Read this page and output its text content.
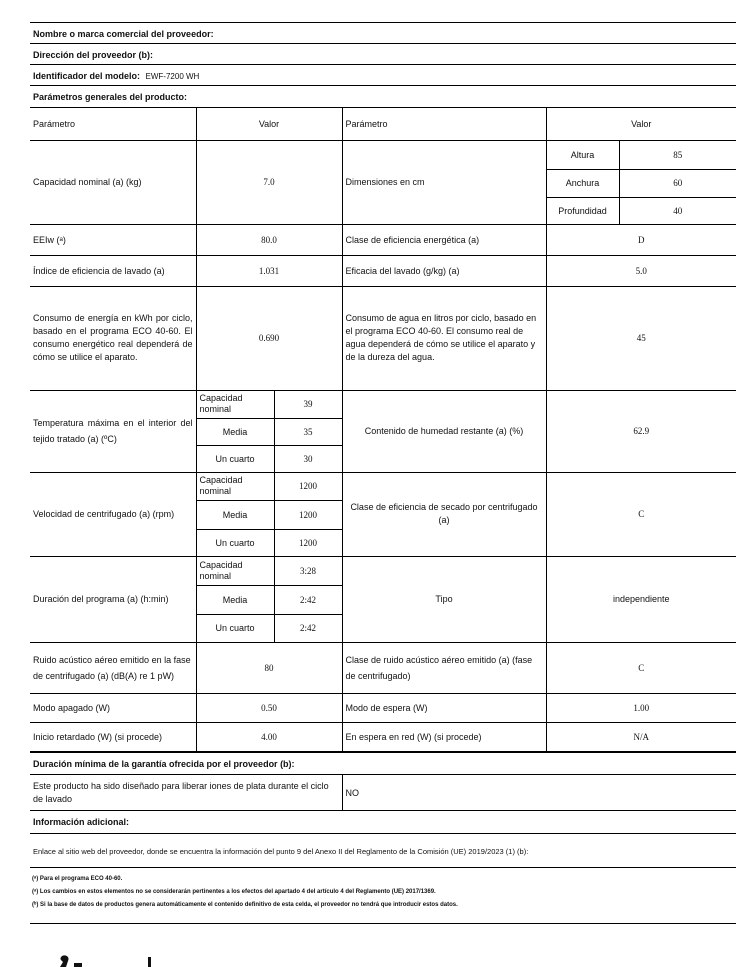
Nombre o marca comercial del proveedor:
Dirección del proveedor (b):
Identificador del modelo: EWF-7200 WH
Parámetros generales del producto:
Parámetro	Valor		Parámetro	Valor	
Capacidad nominal (a) (kg)	7.0		Dimensiones en cm	Altura	85
				Anchura	60
				Profundidad	40
EEIw (ᵃ)	80.0		Clase de eficiencia energética (a)	D	
Índice de eficiencia de lavado (a)	1.031		Eficacia del lavado (g/kg) (a)	5.0	
Consumo de energía en kWh por ciclo, basado en el programa ECO 40-60. El consumo energético real dependerá de cómo se utilice el aparato.	0.690		Consumo de agua en litros por ciclo, basado en el programa ECO 40-60. El consumo real de agua dependerá de cómo se utilice el aparato y de la dureza del agua.	45	
Temperatura máxima en el interior del tejido tratado (a) (ºC)	Capacidad nominal	39	Contenido de humedad restante (a) (%)	62.9	
	Media	35			
	Un cuarto	30			
Velocidad de centrifugado (a) (rpm)	Capacidad nominal	1200	Clase de eficiencia de secado por centrifugado (a)	C	
	Media	1200			
	Un cuarto	1200			
Duración del programa (a) (h:min)	Capacidad nominal	3:28	Tipo	independiente	
	Media	2:42			
	Un cuarto	2:42			
Ruido acústico aéreo emitido en la fase de centrifugado (a) (dB(A) re 1 pW)	80		Clase de ruido acústico aéreo emitido (a) (fase de centrifugado)	C	
Modo apagado (W)	0.50		Modo de espera (W)	1.00	
Inicio retardado (W) (si procede)	4.00		En espera en red (W) (si procede)	N/A	
Duración mínima de la garantía ofrecida por el proveedor (b):
Este producto ha sido diseñado para liberar iones de plata durante el ciclo de lavado	NO
Información adicional:
Enlace al sitio web del proveedor, donde se encuentra la información del punto 9 del Anexo II del Reglamento de la Comisión (UE) 2019/2023 (1) (b):
(ᵃ) Para el programa ECO 40-60.
(ᵃ) Los cambios en estos elementos no se considerarán pertinentes a los efectos del apartado 4 del artículo 4 del Reglamento (UE) 2017/1369.
(ᵇ) Si la base de datos de productos genera automáticamente el contenido definitivo de esta celda, el proveedor no tendrá que introducir estos datos.
